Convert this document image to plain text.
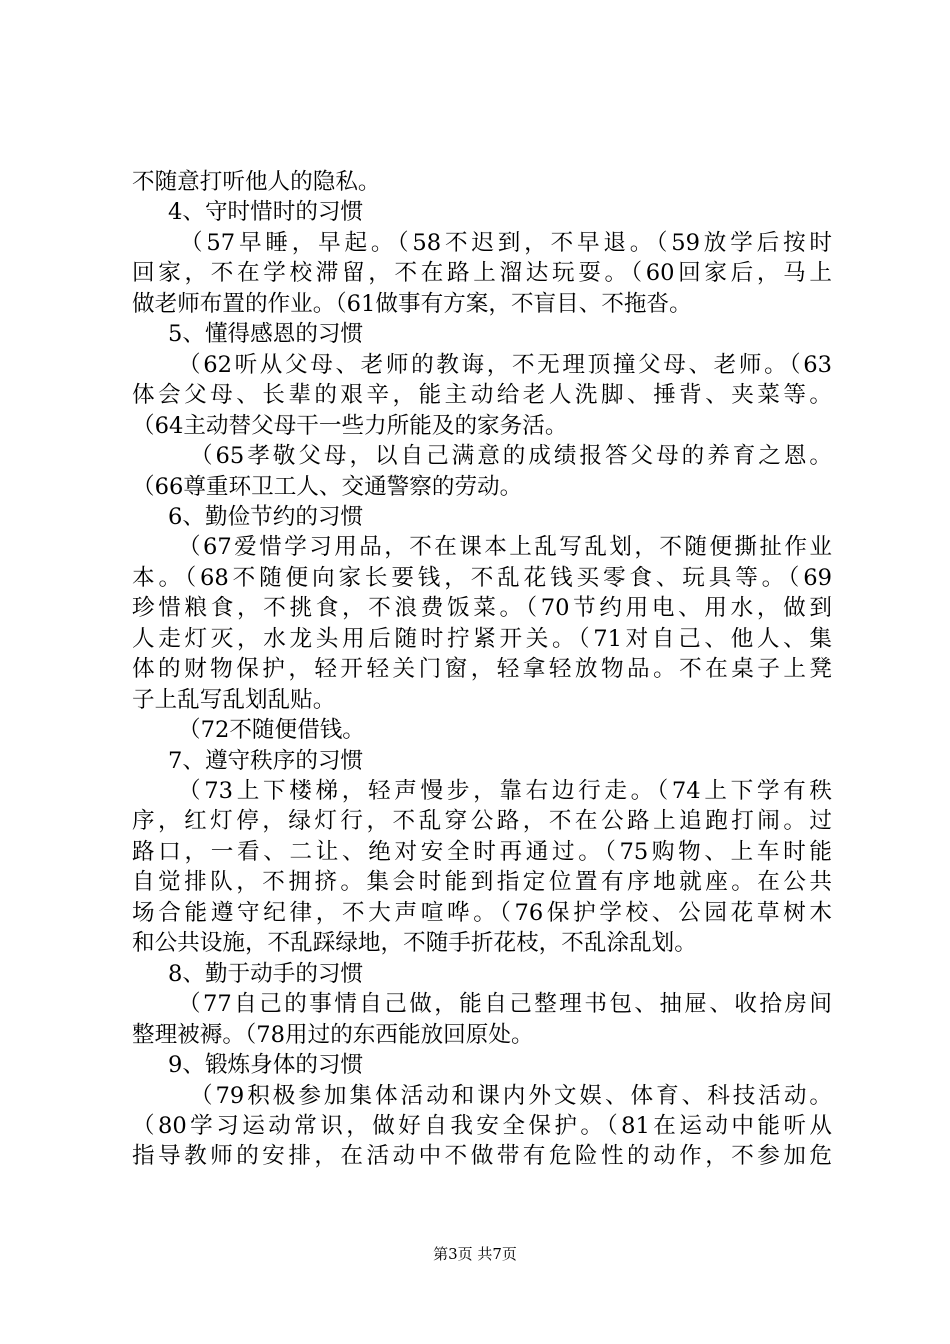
不随意打听他人的隐私。
4、守时惜时的习惯
（57早睡，早起。（58不迟到，不早退。（59放学后按时
回家，不在学校滞留，不在路上溜达玩耍。（60回家后，马上
做老师布置的作业。（61做事有方案，不盲目、不拖沓。
5、懂得感恩的习惯
（62听从父母、老师的教诲，不无理顶撞父母、老师。（63
体会父母、长辈的艰辛，能主动给老人洗脚、捶背、夹菜等。
（64主动替父母干一些力所能及的家务活。
（65孝敬父母，以自己满意的成绩报答父母的养育之恩。
（66尊重环卫工人、交通警察的劳动。
6、勤俭节约的习惯
（67爱惜学习用品，不在课本上乱写乱划，不随便撕扯作业
本。（68不随便向家长要钱，不乱花钱买零食、玩具等。（69
珍惜粮食，不挑食，不浪费饭菜。（70节约用电、用水，做到
人走灯灭，水龙头用后随时拧紧开关。（71对自己、他人、集
体的财物保护，轻开轻关门窗，轻拿轻放物品。不在桌子上凳
子上乱写乱划乱贴。
（72不随便借钱。
7、遵守秩序的习惯
（73上下楼梯，轻声慢步，靠右边行走。（74上下学有秩
序，红灯停，绿灯行，不乱穿公路，不在公路上追跑打闹。过
路口，一看、二让、绝对安全时再通过。（75购物、上车时能
自觉排队，不拥挤。集会时能到指定位置有序地就座。在公共
场合能遵守纪律，不大声喧哗。（76保护学校、公园花草树木
和公共设施，不乱踩绿地，不随手折花枝，不乱涂乱划。
8、勤于动手的习惯
（77自己的事情自己做，能自己整理书包、抽屉、收拾房间
整理被褥。（78用过的东西能放回原处。
9、锻炼身体的习惯
（79积极参加集体活动和课内外文娱、体育、科技活动。
（80学习运动常识，做好自我安全保护。（81在运动中能听从
指导教师的安排，在活动中不做带有危险性的动作，不参加危
第3页 共7页
